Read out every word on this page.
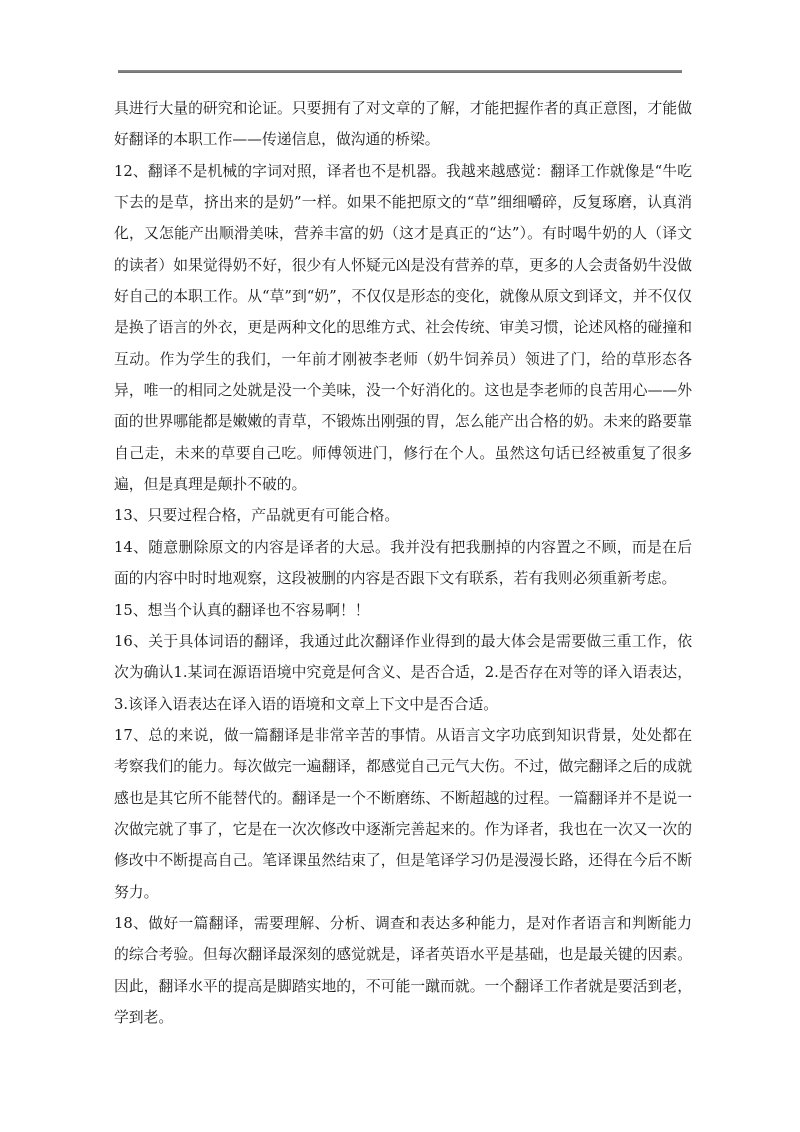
具进行大量的研究和论证。只要拥有了对文章的了解，才能把握作者的真正意图，才能做好翻译的本职工作——传递信息，做沟通的桥梁。

12、翻译不是机械的字词对照，译者也不是机器。我越来越感觉：翻译工作就像是“牛吃下去的是草，挤出来的是奶”一样。如果不能把原文的“草”细细嚼碎，反复琢磨，认真消化，又怎能产出顺滑美味，营养丰富的奶（这才是真正的“达”）。有时喝牛奶的人（译文的读者）如果觉得奶不好，很少有人怀疑元凶是没有营养的草，更多的人会责备奶牛没做好自己的本职工作。从“草”到“奶”，不仅仅是形态的变化，就像从原文到译文，并不仅仅是换了语言的外衣，更是两种文化的思维方式、社会传统、审美习惯，论述风格的碰撞和互动。作为学生的我们，一年前才刚被李老师（奶牛饲养员）领进了门，给的草形态各异，唯一的相同之处就是没一个美味，没一个好消化的。这也是李老师的良苦用心——外面的世界哪能都是嫩嫩的青草，不锻炼出刚强的胃，怎么能产出合格的奶。未来的路要靠自己走，未来的草要自己吃。师傅领进门，修行在个人。虽然这句话已经被重复了很多遍，但是真理是颠扑不破的。

13、只要过程合格，产品就更有可能合格。

14、随意删除原文的内容是译者的大忌。我并没有把我删掉的内容置之不顾，而是在后面的内容中时时地观察，这段被删的内容是否跟下文有联系，若有我则必须重新考虑。

15、想当个认真的翻译也不容易啊！！

16、关于具体词语的翻译，我通过此次翻译作业得到的最大体会是需要做三重工作，依次为确认1.某词在源语语境中究竟是何含义、是否合适，2.是否存在对等的译入语表达，3.该译入语表达在译入语的语境和文章上下文中是否合适。

17、总的来说，做一篇翻译是非常辛苦的事情。从语言文字功底到知识背景，处处都在考察我们的能力。每次做完一遍翻译，都感觉自己元气大伤。不过，做完翻译之后的成就感也是其它所不能替代的。翻译是一个不断磨练、不断超越的过程。一篇翻译并不是说一次做完就了事了，它是在一次次修改中逐渐完善起来的。作为译者，我也在一次又一次的修改中不断提高自己。笔译课虽然结束了，但是笔译学习仍是漫漫长路，还得在今后不断努力。

18、做好一篇翻译，需要理解、分析、调查和表达多种能力，是对作者语言和判断能力的综合考验。但每次翻译最深刻的感觉就是，译者英语水平是基础，也是最关键的因素。因此，翻译水平的提高是脚踏实地的，不可能一蹴而就。一个翻译工作者就是要活到老，学到老。
